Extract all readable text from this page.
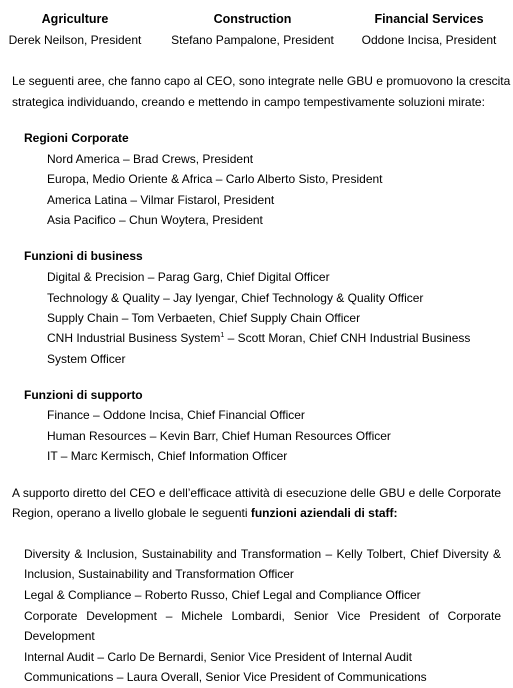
Agriculture
Derek Neilson, President
Construction
Stefano Pampalone, President
Financial Services
Oddone Incisa, President
Le seguenti aree, che fanno capo al CEO, sono integrate nelle GBU e promuovono la crescita
strategica individuando, creando e mettendo in campo tempestivamente soluzioni mirate:
Regioni Corporate
Nord America – Brad Crews, President
Europa, Medio Oriente & Africa – Carlo Alberto Sisto, President
America Latina – Vilmar Fistarol, President
Asia Pacifico – Chun Woytera, President
Funzioni di business
Digital & Precision – Parag Garg, Chief Digital Officer
Technology & Quality – Jay Iyengar, Chief Technology & Quality Officer
Supply Chain – Tom Verbaeten, Chief Supply Chain Officer
CNH Industrial Business System$^1$ – Scott Moran, Chief CNH Industrial Business
System Officer
Funzioni di supporto
Finance – Oddone Incisa, Chief Financial Officer
Human Resources – Kevin Barr, Chief Human Resources Officer
IT – Marc Kermisch, Chief Information Officer
A supporto diretto del CEO e dell’efficace attività di esecuzione delle GBU e delle Corporate
Region, operano a livello globale le seguenti funzioni aziendali di staff:
Diversity & Inclusion, Sustainability and Transformation – Kelly Tolbert, Chief Diversity &
Inclusion, Sustainability and Transformation Officer
Legal & Compliance – Roberto Russo, Chief Legal and Compliance Officer
Corporate Development – Michele Lombardi, Senior Vice President of Corporate
Development
Internal Audit – Carlo De Bernardi, Senior Vice President of Internal Audit
Communications – Laura Overall, Senior Vice President of Communications
